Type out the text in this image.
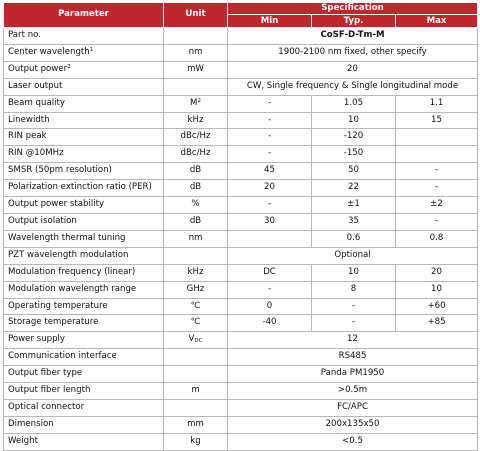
Parameter	Unit	Specification		
		Min	Typ.	Max
Part no.		CoSF-D-Tm-M		
Center wavelength$^1$	nm	1900-2100 nm fixed, other specify		
Output power$^2$	mW	20		
Laser output		CW, Single frequency & Single longitudinal mode		
Beam quality	$M^2$	-	1.05	1.1
Linewidth	kHz	-	10	15
RIN peak	dBc/Hz	-	-120	
RIN @10MHz	dBc/Hz	-	-150	
SMSR (50pm resolution)	dB	45	50	-
Polarization extinction ratio (PER)	dB	20	22	-
Output power stability	%	-	±1	±2
Output isolation	dB	30	35	-
Wavelength thermal tuning	nm		0.6	0.8
PZT wavelength modulation		Optional		
Modulation frequency (linear)	kHz	DC	10	20
Modulation wavelength range	GHz	-	8	10
Operating temperature	℃	0	-	+60
Storage temperature	℃	-40	-	+85
Power supply	$V_{DC}$	12		
Communication interface		RS485		
Output fiber type		Panda PM1950		
Output fiber length	m	>0.5m		
Optical connector		FC/APC		
Dimension	mm	200x135x50		
Weight	kg	<0.5		
